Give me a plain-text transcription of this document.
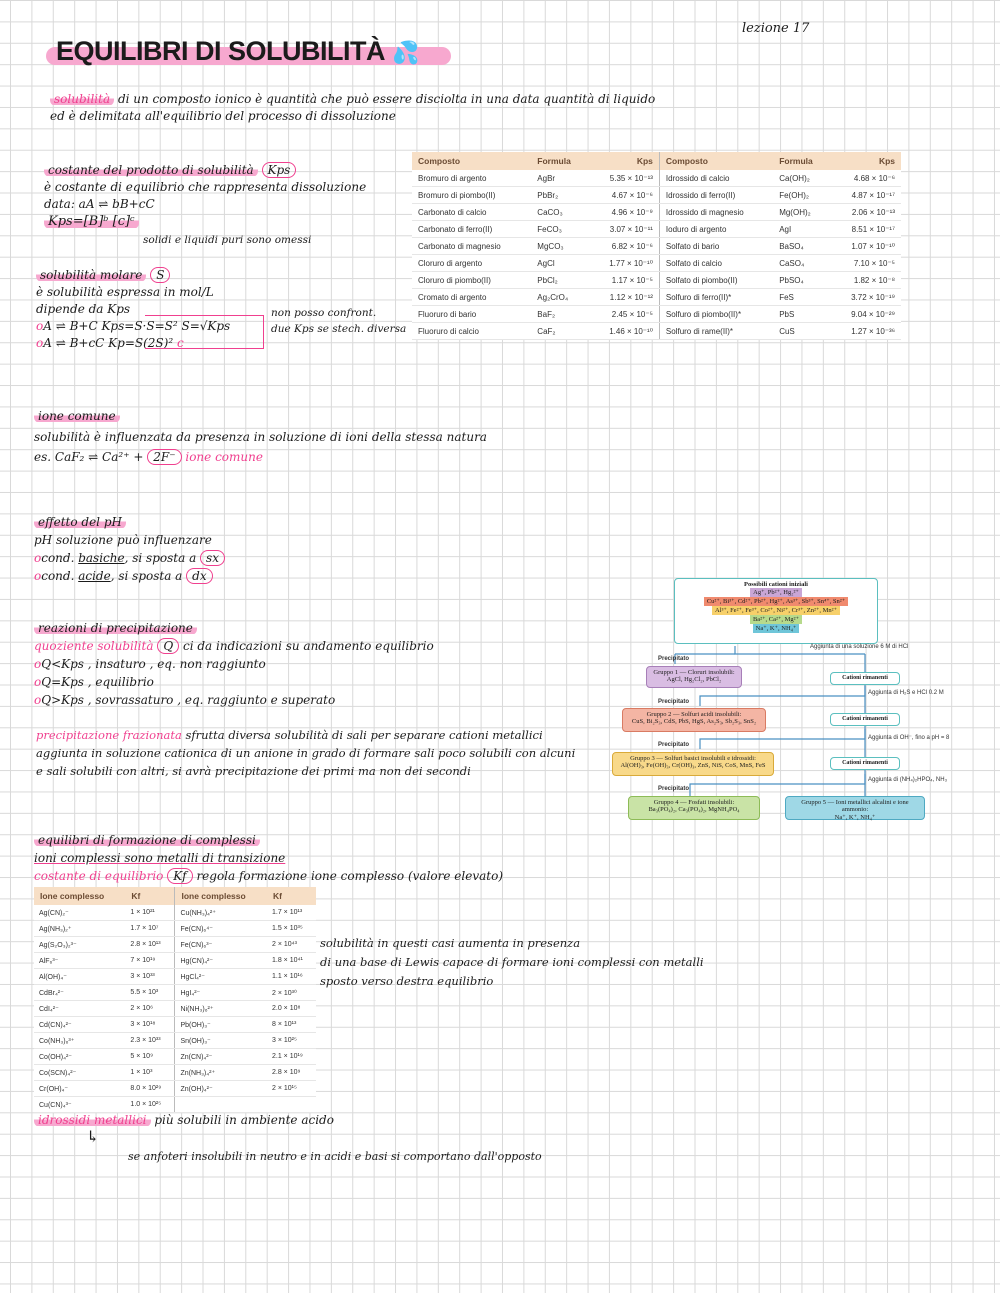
lezione 17
EQUILIBRI DI SOLUBILITÀ 💦
solubilità di un composto ionico è quantità che può essere disciolta in una data quantità di liquido
ed è delimitata all'equilibrio del processo di dissoluzione
costante del prodotto di solubilità Kps
è costante di equilibrio che rappresenta dissoluzione
data: aA ⇌ bB+cC
Kps=[B]ᵇ [c]ᶜ
solidi e liquidi puri sono omessi
solubilità molare S
è solubilità espressa in mol/L
dipende da Kps
oA ⇌ B+C Kps=S·S=S² S=√Kps
oA ⇌ B+cC Kp=S(2S)² c
non posso confront.
due Kps se stech. diversa
Composto	Formula	Kps	Composto	Formula	Kps
Bromuro di argento	AgBr	5.35 × 10⁻¹³	Idrossido di calcio	Ca(OH)₂	4.68 × 10⁻⁶
Bromuro di piombo(II)	PbBr₂	4.67 × 10⁻⁶	Idrossido di ferro(II)	Fe(OH)₂	4.87 × 10⁻¹⁷
Carbonato di calcio	CaCO₃	4.96 × 10⁻⁹	Idrossido di magnesio	Mg(OH)₂	2.06 × 10⁻¹³
Carbonato di ferro(II)	FeCO₃	3.07 × 10⁻¹¹	Ioduro di argento	AgI	8.51 × 10⁻¹⁷
Carbonato di magnesio	MgCO₃	6.82 × 10⁻⁶	Solfato di bario	BaSO₄	1.07 × 10⁻¹⁰
Cloruro di argento	AgCl	1.77 × 10⁻¹⁰	Solfato di calcio	CaSO₄	7.10 × 10⁻⁵
Cloruro di piombo(II)	PbCl₂	1.17 × 10⁻⁵	Solfato di piombo(II)	PbSO₄	1.82 × 10⁻⁸
Cromato di argento	Ag₂CrO₄	1.12 × 10⁻¹²	Solfuro di ferro(II)*	FeS	3.72 × 10⁻¹⁹
Fluoruro di bario	BaF₂	2.45 × 10⁻⁵	Solfuro di piombo(II)*	PbS	9.04 × 10⁻²⁹
Fluoruro di calcio	CaF₂	1.46 × 10⁻¹⁰	Solfuro di rame(II)*	CuS	1.27 × 10⁻³⁶
ione comune
solubilità è influenzata da presenza in soluzione di ioni della stessa natura
es. CaF₂ ⇌ Ca²⁺ + 2F⁻ ione comune
effetto del pH
pH soluzione può influenzare
ocond. basiche, si sposta a sx
ocond. acide, si sposta a dx
reazioni di precipitazione
quoziente solubilità Q ci da indicazioni su andamento equilibrio
oQ<Kps , insaturo , eq. non raggiunto
oQ=Kps , equilibrio
oQ>Kps , sovrassaturo , eq. raggiunto e superato
precipitazione frazionata sfrutta diversa solubilità di sali per separare cationi metallici
aggiunta in soluzione cationica di un anione in grado di formare sali poco solubili con alcuni
e sali solubili con altri, si avrà precipitazione dei primi ma non dei secondi
Possibili cationi iniziali
Ag⁺, Pb²⁺, Hg₂²⁺
Cu²⁺, Bi³⁺, Cd²⁺, Pb²⁺, Hg²⁺, As³⁺, Sb³⁺, Sn⁴⁺, Sn²⁺
Al³⁺, Fe²⁺, Fe³⁺, Co²⁺, Ni²⁺, Cr³⁺, Zn²⁺, Mn²⁺
Ba²⁺, Ca²⁺, Mg²⁺
Na⁺, K⁺, NH₄⁺
Aggiunta di una soluzione 6 M di HCl
Precipitato
Gruppo 1 — Cloruri insolubili:
AgCl, Hg₂Cl₂, PbCl₂	Cationi rimanenti
Aggiunta di H₂S e HCl 0.2 M
Precipitato
Gruppo 2 — Solfuri acidi insolubili:
CuS, Bi₂S₃, CdS, PbS, HgS, As₂S₃, Sb₂S₃, SnS₂	Cationi rimanenti
Aggiunta di OH⁻, fino a pH = 8
Precipitato
Gruppo 3 — Solfuri basici insolubili e idrossidi:
Al(OH)₃, Fe(OH)₃, Cr(OH)₃, ZnS, NiS, CoS, MnS, FeS	Cationi rimanenti
Aggiunta di (NH₄)₂HPO₄, NH₃
Precipitato
Gruppo 4 — Fosfati insolubili:
Ba₃(PO₄)₂, Ca₃(PO₄)₂, MgNH₄PO₄
Gruppo 5 — Ioni metallici alcalini e ione ammonio:
Na⁺, K⁺, NH₄⁺
equilibri di formazione di complessi
ioni complessi sono metalli di transizione
costante di equilibrio Kf regola formazione ione complesso (valore elevato)
Ione complesso	Kf	Ione complesso	Kf
Ag(CN)₂⁻	1 × 10²¹	Cu(NH₃)₄²⁺	1.7 × 10¹³
Ag(NH₃)₂⁺	1.7 × 10⁷	Fe(CN)₆⁴⁻	1.5 × 10³⁵
Ag(S₂O₃)₂³⁻	2.8 × 10¹³	Fe(CN)₆³⁻	2 × 10⁴³
AlF₆³⁻	7 × 10¹⁹	Hg(CN)₄²⁻	1.8 × 10⁴¹
Al(OH)₄⁻	3 × 10³³	HgCl₄²⁻	1.1 × 10¹⁶
CdBr₄²⁻	5.5 × 10³	HgI₄²⁻	2 × 10³⁰
CdI₄²⁻	2 × 10⁶	Ni(NH₃)₆²⁺	2.0 × 10⁸
Cd(CN)₄²⁻	3 × 10¹⁸	Pb(OH)₃⁻	8 × 10¹³
Co(NH₃)₆³⁺	2.3 × 10³³	Sn(OH)₃⁻	3 × 10²⁵
Co(OH)₄²⁻	5 × 10⁹	Zn(CN)₄²⁻	2.1 × 10¹⁹
Co(SCN)₄²⁻	1 × 10³	Zn(NH₃)₄²⁺	2.8 × 10⁹
Cr(OH)₄⁻	8.0 × 10²⁹	Zn(OH)₄²⁻	2 × 10¹⁵
Cu(CN)₄³⁻	1.0 × 10²⁵		
solubilità in questi casi aumenta in presenza
di una base di Lewis capace di formare ioni complessi con metalli
sposto verso destra equilibrio
idrossidi metallici più solubili in ambiente acido
↳
se anfoteri insolubili in neutro e in acidi e basi si comportano dall'opposto
